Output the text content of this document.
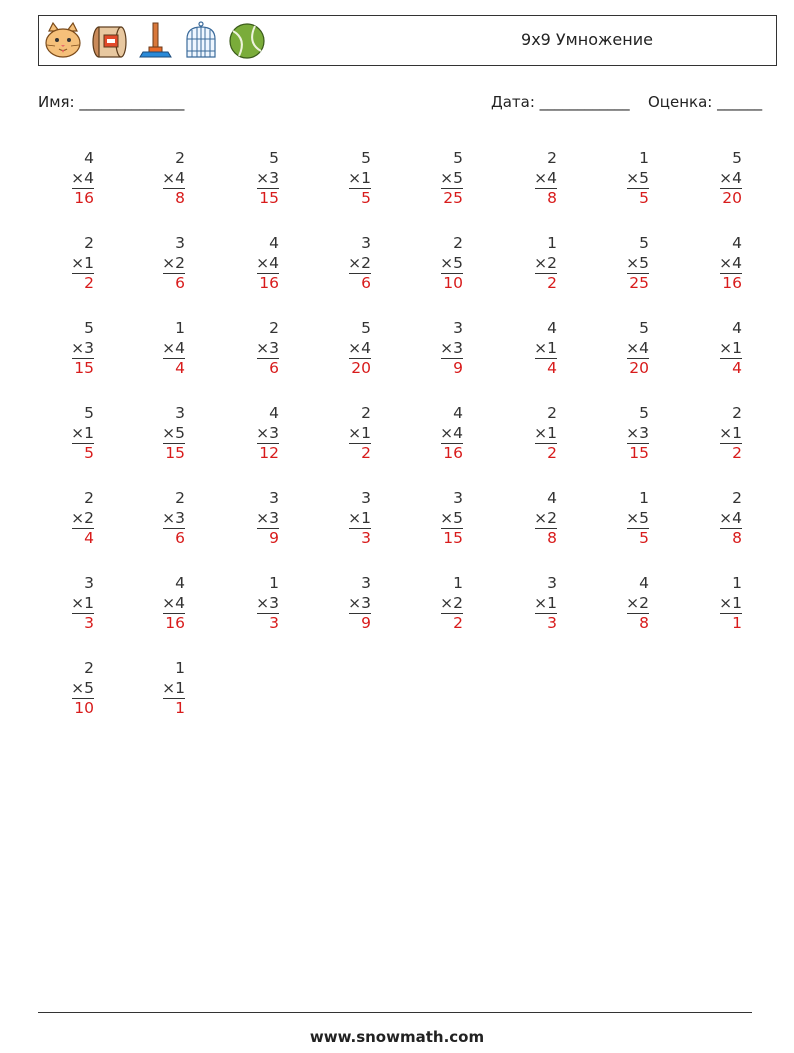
9x9 Умножение
Имя: ______________	Дата: ____________ Оценка: ______
4
×4
16
2
×4
8
5
×3
15
5
×1
5
5
×5
25
2
×4
8
1
×5
5
5
×4
20
2
×1
2
3
×2
6
4
×4
16
3
×2
6
2
×5
10
1
×2
2
5
×5
25
4
×4
16
5
×3
15
1
×4
4
2
×3
6
5
×4
20
3
×3
9
4
×1
4
5
×4
20
4
×1
4
5
×1
5
3
×5
15
4
×3
12
2
×1
2
4
×4
16
2
×1
2
5
×3
15
2
×1
2
2
×2
4
2
×3
6
3
×3
9
3
×1
3
3
×5
15
4
×2
8
1
×5
5
2
×4
8
3
×1
3
4
×4
16
1
×3
3
3
×3
9
1
×2
2
3
×1
3
4
×2
8
1
×1
1
2
×5
10
1
×1
1
www.snowmath.com
